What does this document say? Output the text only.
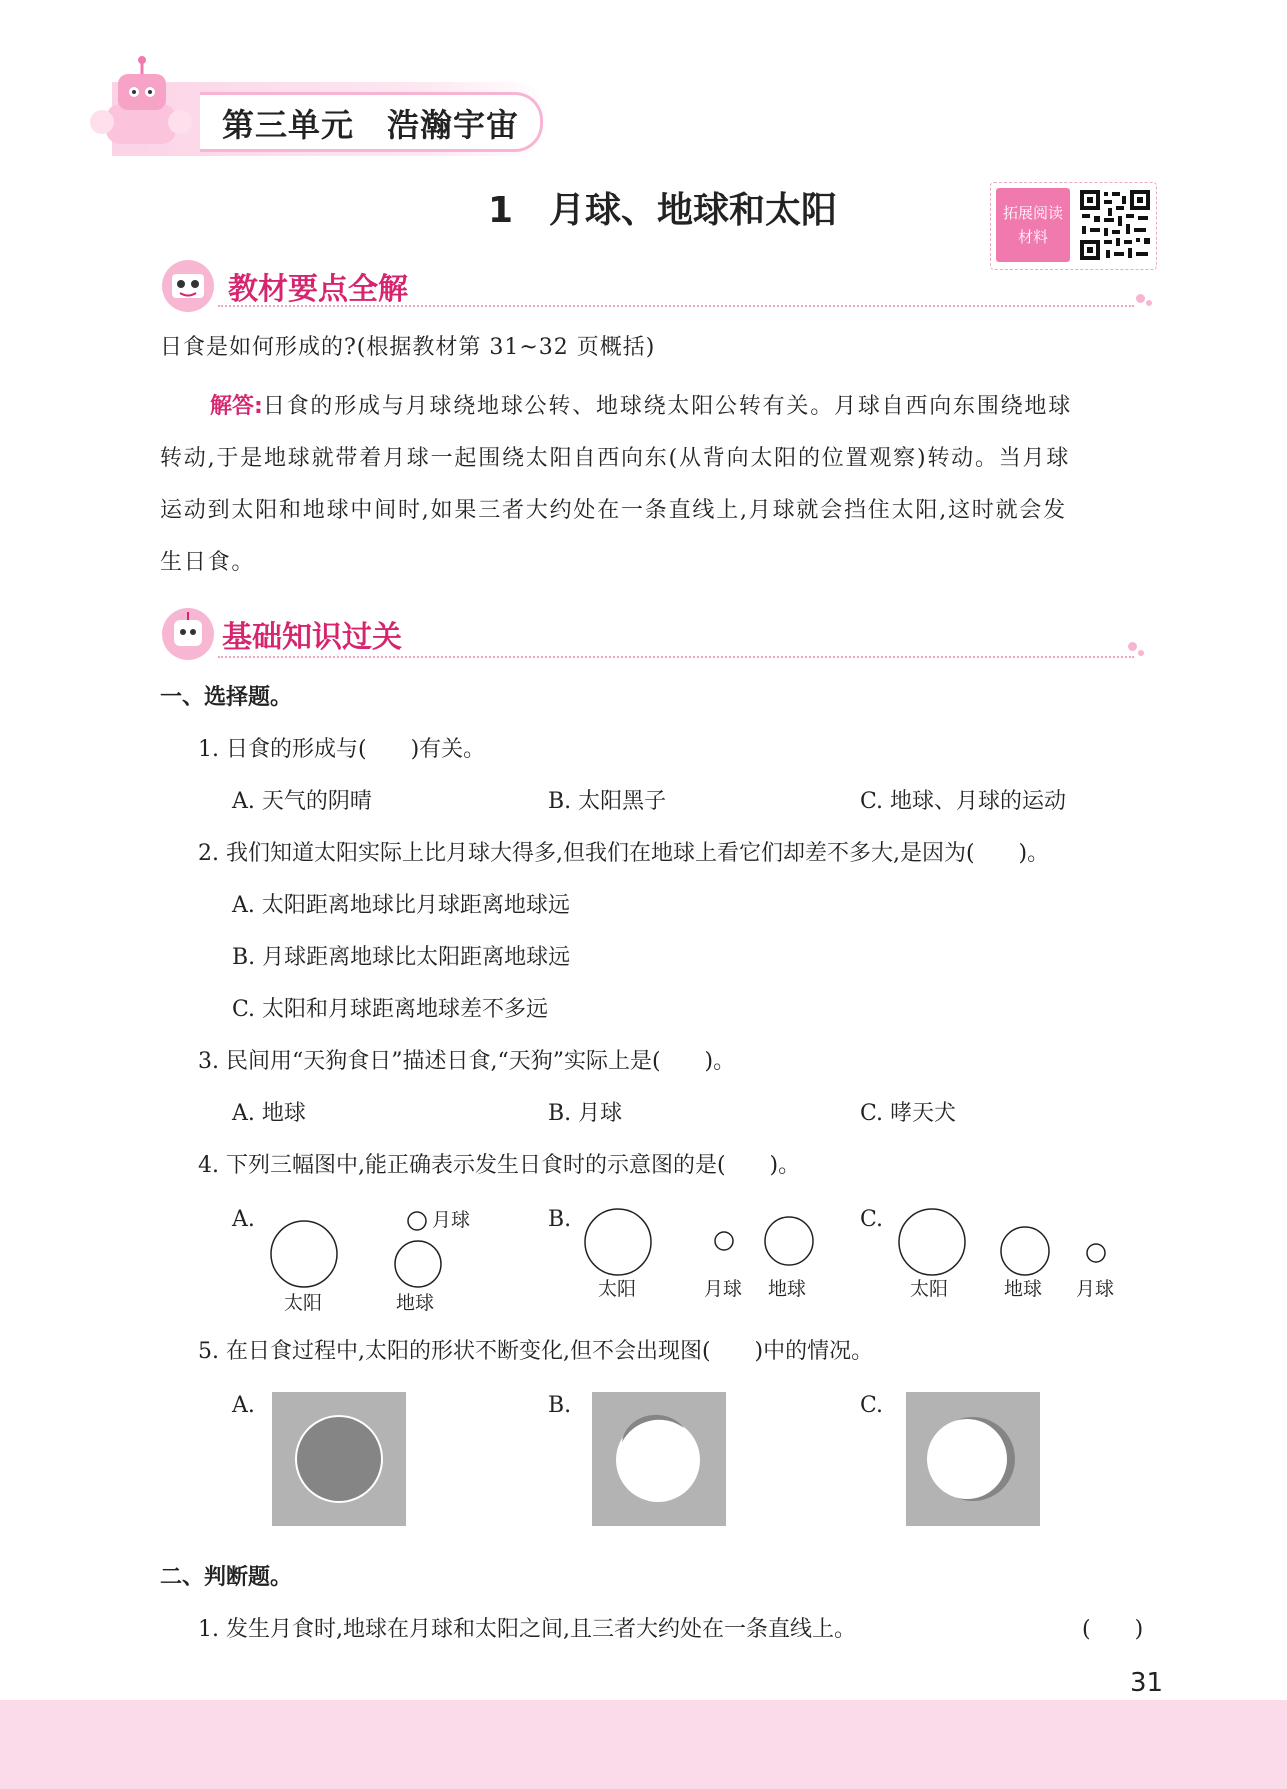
第三单元　浩瀚宇宙
1　月球、地球和太阳	拓展阅读
材料
教材要点全解
日食是如何形成的?(根据教材第 31~32 页概括)
解答:日食的形成与月球绕地球公转、地球绕太阳公转有关。月球自西向东围绕地球
转动,于是地球就带着月球一起围绕太阳自西向东(从背向太阳的位置观察)转动。当月球
运动到太阳和地球中间时,如果三者大约处在一条直线上,月球就会挡住太阳,这时就会发
生日食。
基础知识过关
一、选择题。
1. 日食的形成与(　　)有关。
A. 天气的阴晴	B. 太阳黑子	C. 地球、月球的运动
2. 我们知道太阳实际上比月球大得多,但我们在地球上看它们却差不多大,是因为(　　)。
A. 太阳距离地球比月球距离地球远
B. 月球距离地球比太阳距离地球远
C. 太阳和月球距离地球差不多远
3. 民间用“天狗食日”描述日食,“天狗”实际上是(　　)。
A. 地球	B. 月球	C. 哮天犬
4. 下列三幅图中,能正确表示发生日食时的示意图的是(　　)。
A.
太阳	地球
月球	B.
太阳	月球 地球
C.
太阳	地球 月球
5. 在日食过程中,太阳的形状不断变化,但不会出现图(　　)中的情况。
A.	B.	C.
二、判断题。
1. 发生月食时,地球在月球和太阳之间,且三者大约处在一条直线上。	(　　)
31
